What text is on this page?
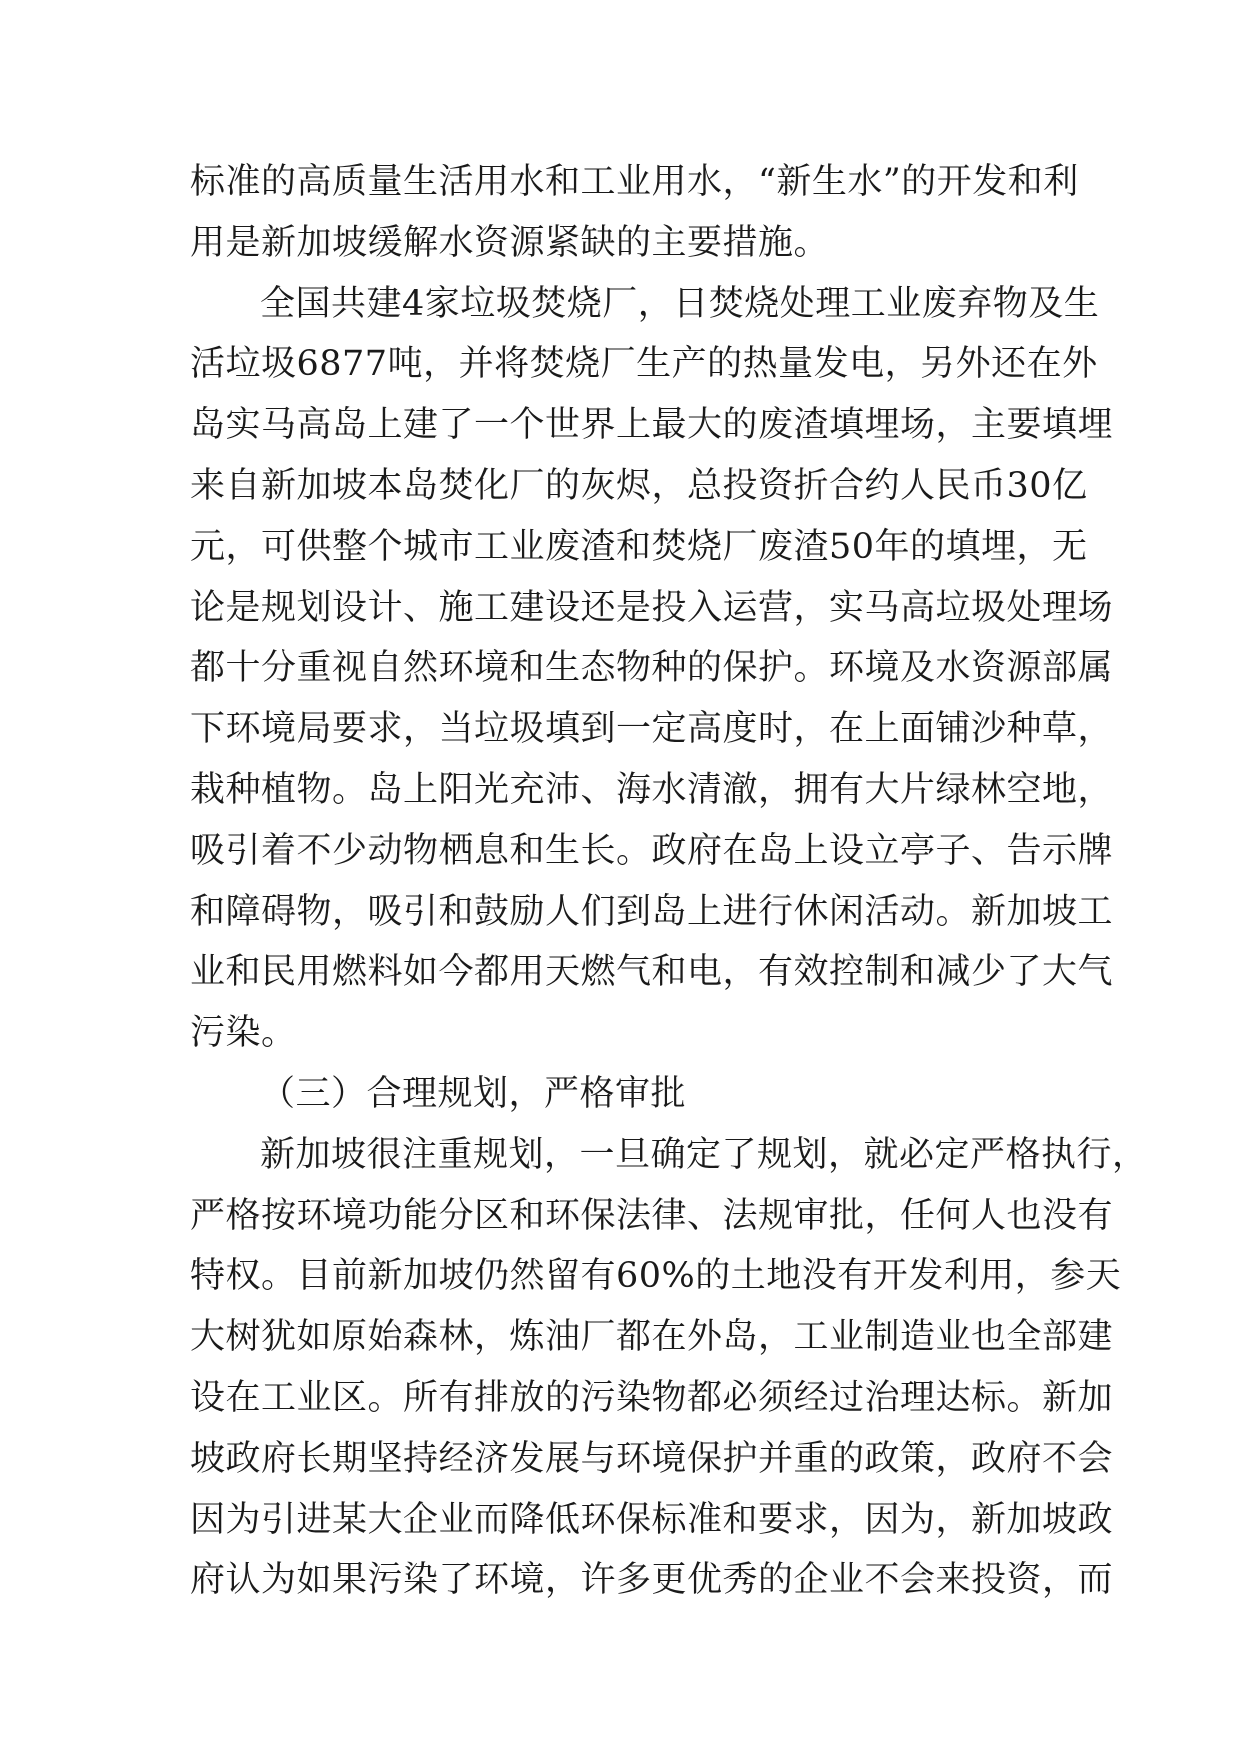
标准的高质量生活用水和工业用水，“新生水”的开发和利
用是新加坡缓解水资源紧缺的主要措施。
全国共建4家垃圾焚烧厂，日焚烧处理工业废弃物及生
活垃圾6877吨，并将焚烧厂生产的热量发电，另外还在外
岛实马高岛上建了一个世界上最大的废渣填埋场，主要填埋
来自新加坡本岛焚化厂的灰烬，总投资折合约人民币30亿
元，可供整个城市工业废渣和焚烧厂废渣50年的填埋，无
论是规划设计、施工建设还是投入运营，实马高垃圾处理场
都十分重视自然环境和生态物种的保护。环境及水资源部属
下环境局要求，当垃圾填到一定高度时，在上面铺沙种草，
栽种植物。岛上阳光充沛、海水清澈，拥有大片绿林空地，
吸引着不少动物栖息和生长。政府在岛上设立亭子、告示牌
和障碍物，吸引和鼓励人们到岛上进行休闲活动。新加坡工
业和民用燃料如今都用天燃气和电，有效控制和减少了大气
污染。
（三）合理规划，严格审批
新加坡很注重规划，一旦确定了规划，就必定严格执行，
严格按环境功能分区和环保法律、法规审批，任何人也没有
特权。目前新加坡仍然留有60%的土地没有开发利用，参天
大树犹如原始森林，炼油厂都在外岛，工业制造业也全部建
设在工业区。所有排放的污染物都必须经过治理达标。新加
坡政府长期坚持经济发展与环境保护并重的政策，政府不会
因为引进某大企业而降低环保标准和要求，因为，新加坡政
府认为如果污染了环境，许多更优秀的企业不会来投资，而
